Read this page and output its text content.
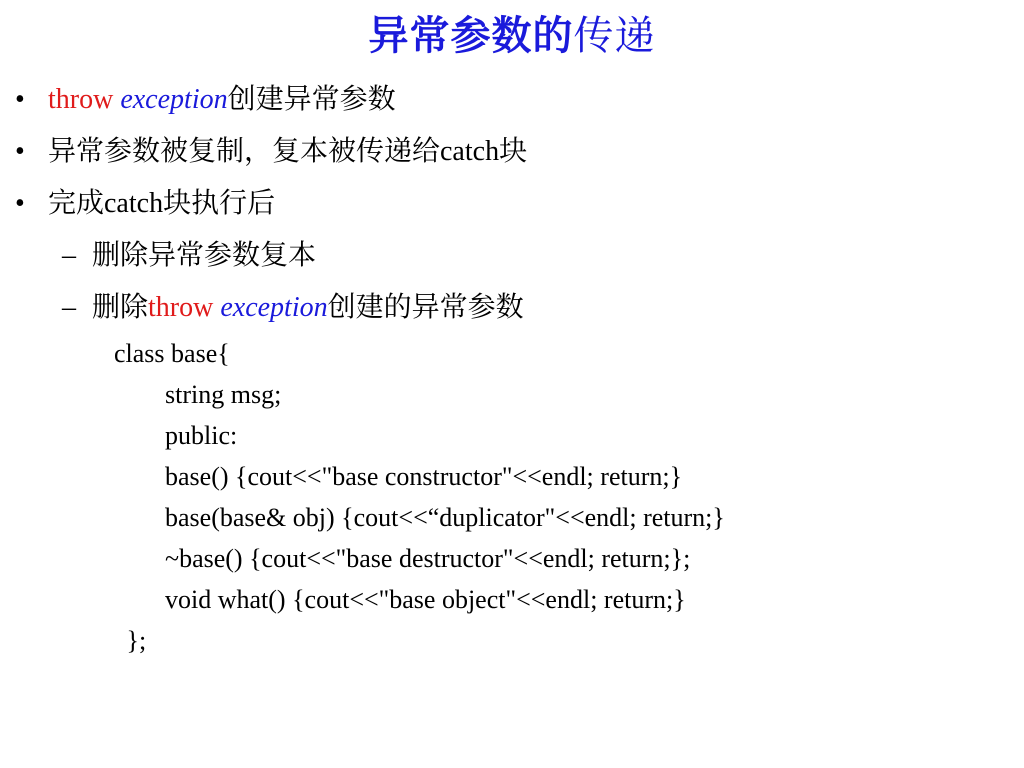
异常参数的传递
• throw exception创建异常参数
• 异常参数被复制，复本被传递给catch块
• 完成catch块执行后
– 删除异常参数复本
– 删除throw exception创建的异常参数
class base{
string msg;
public:
base() {cout<<"base constructor"<<endl; return;}
base(base& obj) {cout<<“duplicator"<<endl; return;}
~base() {cout<<"base destructor"<<endl; return;};
void what() {cout<<"base object"<<endl; return;}
};
